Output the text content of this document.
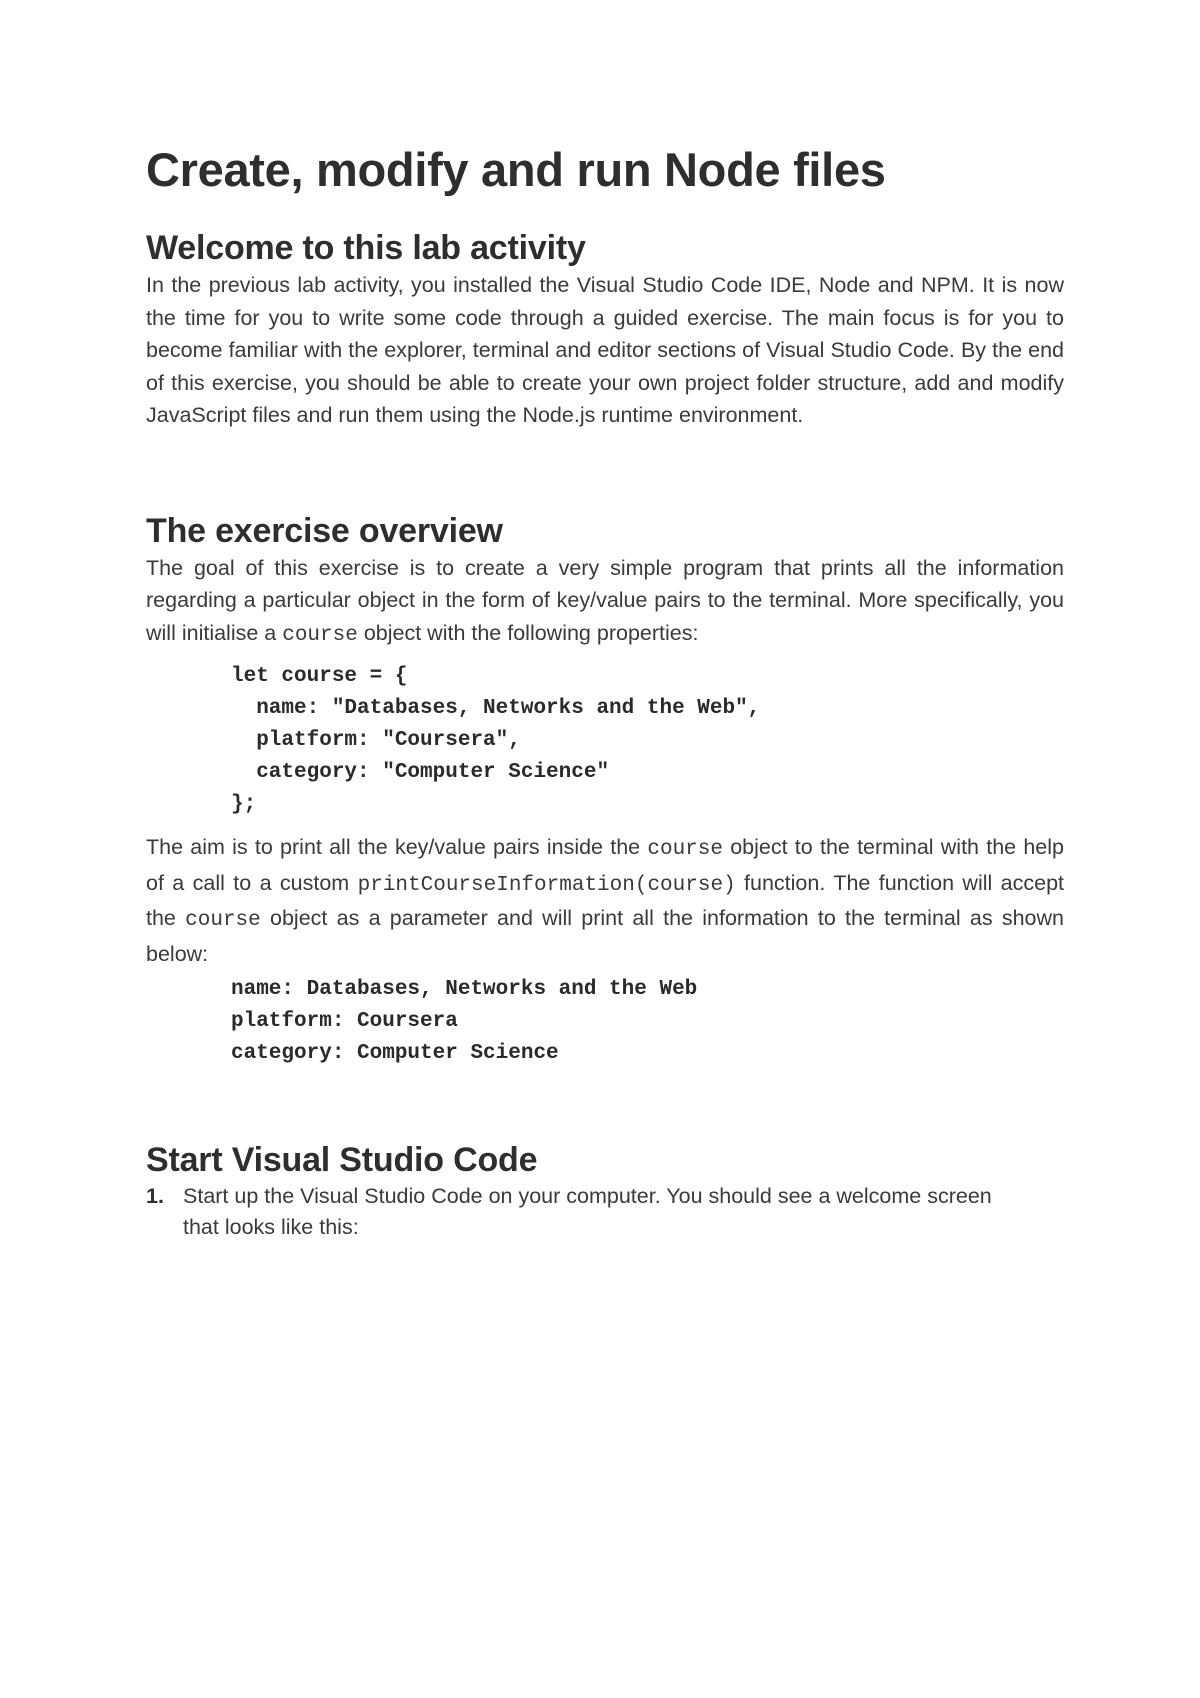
Create, modify and run Node files
Welcome to this lab activity

In the previous lab activity, you installed the Visual Studio Code IDE, Node and NPM. It is now the time for you to write some code through a guided exercise. The main focus is for you to become familiar with the explorer, terminal and editor sections of Visual Studio Code. By the end of this exercise, you should be able to create your own project folder structure, add and modify JavaScript files and run them using the Node.js runtime environment.

The exercise overview

The goal of this exercise is to create a very simple program that prints all the information regarding a particular object in the form of key/value pairs to the terminal. More specifically, you will initialise a course object with the following properties:

let course = {
name: "Databases, Networks and the Web",
platform: "Coursera",
category: "Computer Science"
};

The aim is to print all the key/value pairs inside the course object to the terminal with the help of a call to a custom printCourseInformation(course) function. The function will accept the course object as a parameter and will print all the information to the terminal as shown below:

name: Databases, Networks and the Web
platform: Coursera
category: Computer Science
Start Visual Studio Code
1. Start up the Visual Studio Code on your computer. You should see a welcome screen that looks like this:
